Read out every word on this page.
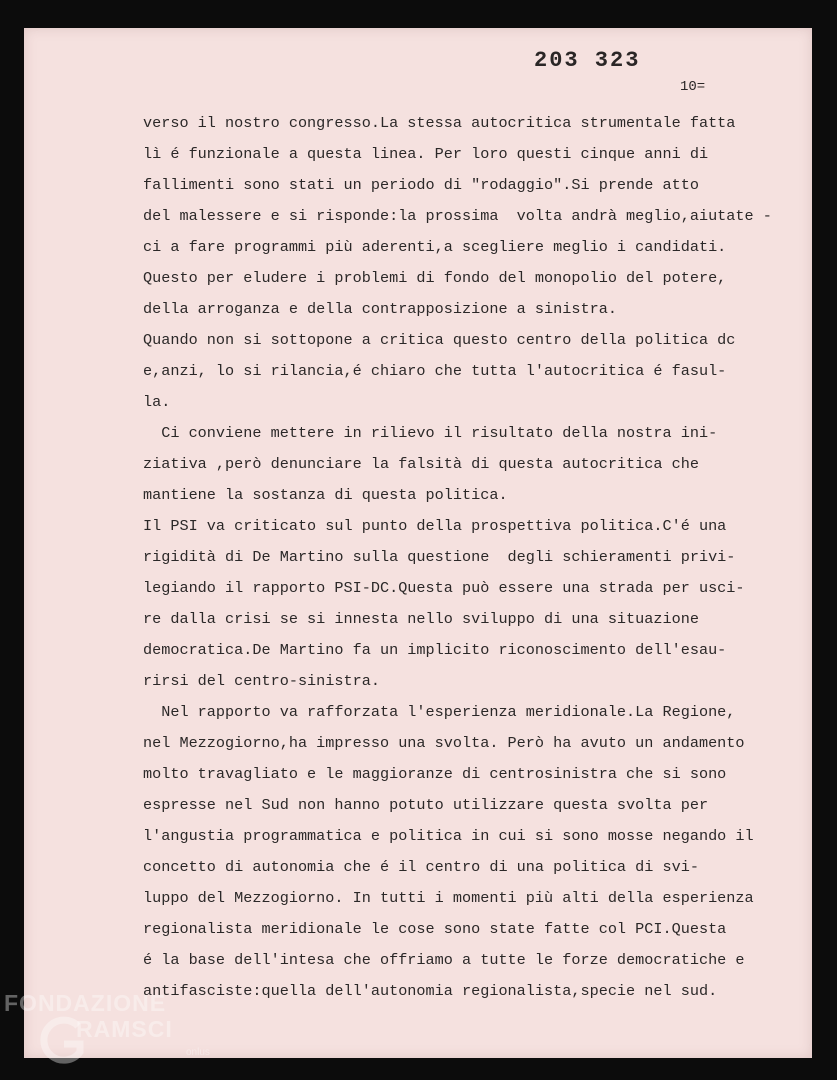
203 323
10=
verso il nostro congresso.La stessa autocritica strumentale fatta
lì é funzionale a questa linea. Per loro questi cinque anni di
fallimenti sono stati un periodo di "rodaggio".Si prende atto
del malessere e si risponde:la prossima  volta andrà meglio,aiutate -
ci a fare programmi più aderenti,a scegliere meglio i candidati.
Questo per eludere i problemi di fondo del monopolio del potere,
della arroganza e della contrapposizione a sinistra.
Quando non si sottopone a critica questo centro della politica dc
e,anzi, lo si rilancia,é chiaro che tutta l'autocritica é fasul-
la.
Ci conviene mettere in rilievo il risultato della nostra ini-
ziativa ,però denunciare la falsità di questa autocritica che
mantiene la sostanza di questa politica.
Il PSI va criticato sul punto della prospettiva politica.C'é una
rigidità di De Martino sulla questione  degli schieramenti privi-
legiando il rapporto PSI-DC.Questa può essere una strada per usci-
re dalla crisi se si innesta nello sviluppo di una situazione
democratica.De Martino fa un implicito riconoscimento dell'esau-
rirsi del centro-sinistra.
Nel rapporto va rafforzata l'esperienza meridionale.La Regione,
nel Mezzogiorno,ha impresso una svolta. Però ha avuto un andamento
molto travagliato e le maggioranze di centrosinistra che si sono
espresse nel Sud non hanno potuto utilizzare questa svolta per
l'angustia programmatica e politica in cui si sono mosse negando il
concetto di autonomia che é il centro di una politica di svi-
luppo del Mezzogiorno. In tutti i momenti più alti della esperienza
regionalista meridionale le cose sono state fatte col PCI.Questa
é la base dell'intesa che offriamo a tutte le forze democratiche e
antifasciste:quella dell'autonomia regionalista,specie nel sud.
FONDAZIONE
RAMSCI
onlus
